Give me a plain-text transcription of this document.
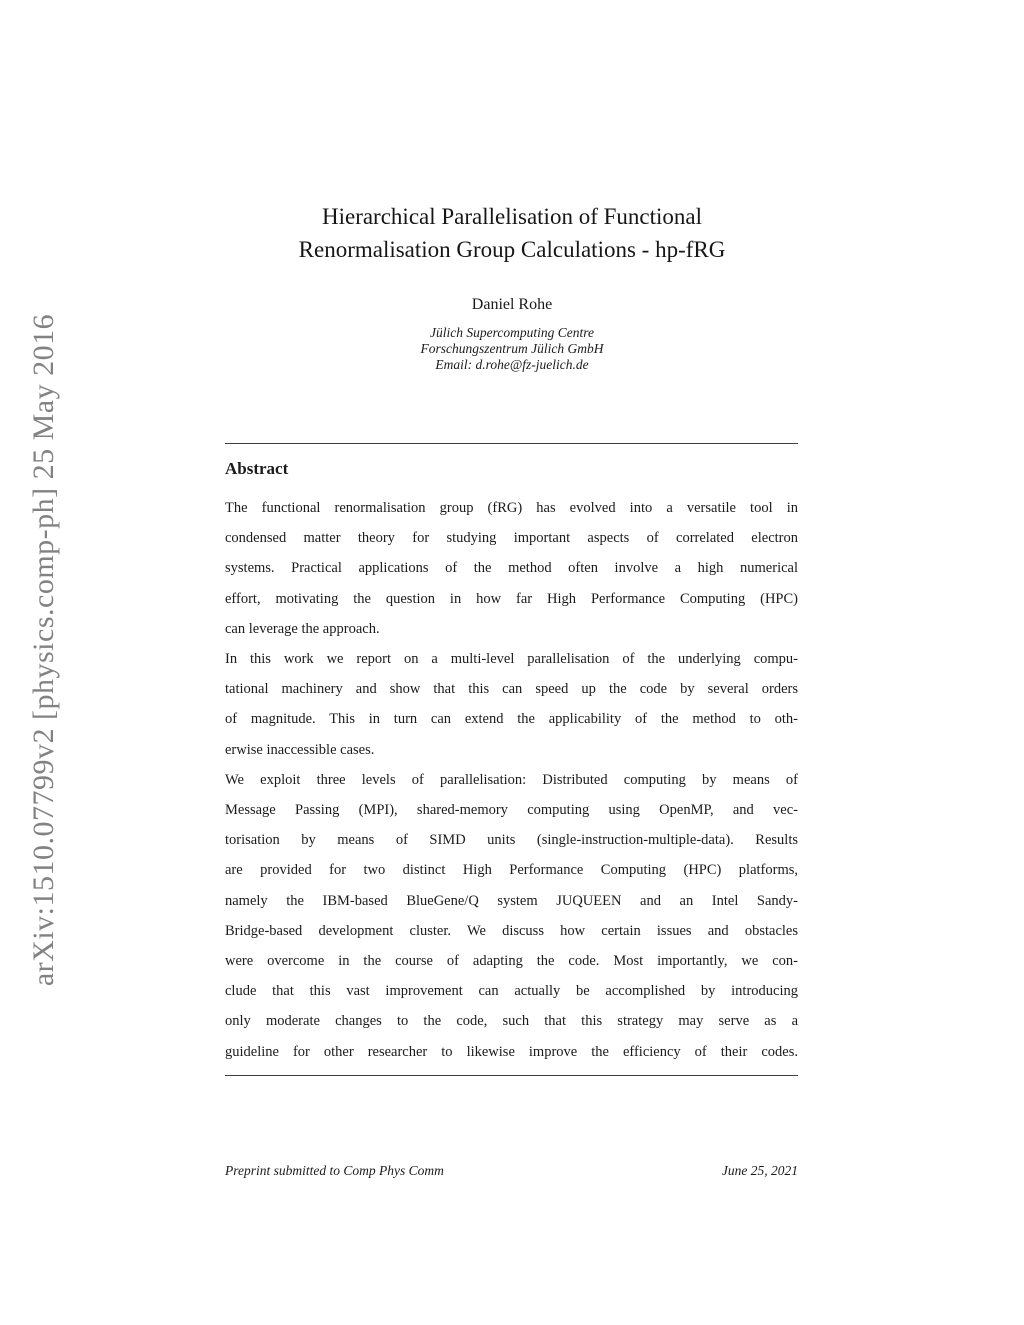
arXiv:1510.07799v2 [physics.comp-ph] 25 May 2016
Hierarchical Parallelisation of Functional
Renormalisation Group Calculations - hp-fRG
Daniel Rohe
Jülich Supercomputing Centre
Forschungszentrum Jülich GmbH
Email: d.rohe@fz-juelich.de
Abstract
The functional renormalisation group (fRG) has evolved into a versatile tool in
condensed matter theory for studying important aspects of correlated electron
systems. Practical applications of the method often involve a high numerical
effort, motivating the question in how far High Performance Computing (HPC)
can leverage the approach.
In this work we report on a multi-level parallelisation of the underlying compu-
tational machinery and show that this can speed up the code by several orders
of magnitude. This in turn can extend the applicability of the method to oth-
erwise inaccessible cases.
We exploit three levels of parallelisation: Distributed computing by means of
Message Passing (MPI), shared-memory computing using OpenMP, and vec-
torisation by means of SIMD units (single-instruction-multiple-data). Results
are provided for two distinct High Performance Computing (HPC) platforms,
namely the IBM-based BlueGene/Q system JUQUEEN and an Intel Sandy-
Bridge-based development cluster. We discuss how certain issues and obstacles
were overcome in the course of adapting the code. Most importantly, we con-
clude that this vast improvement can actually be accomplished by introducing
only moderate changes to the code, such that this strategy may serve as a
guideline for other researcher to likewise improve the efficiency of their codes.
Preprint submitted to Comp Phys Comm	June 25, 2021
